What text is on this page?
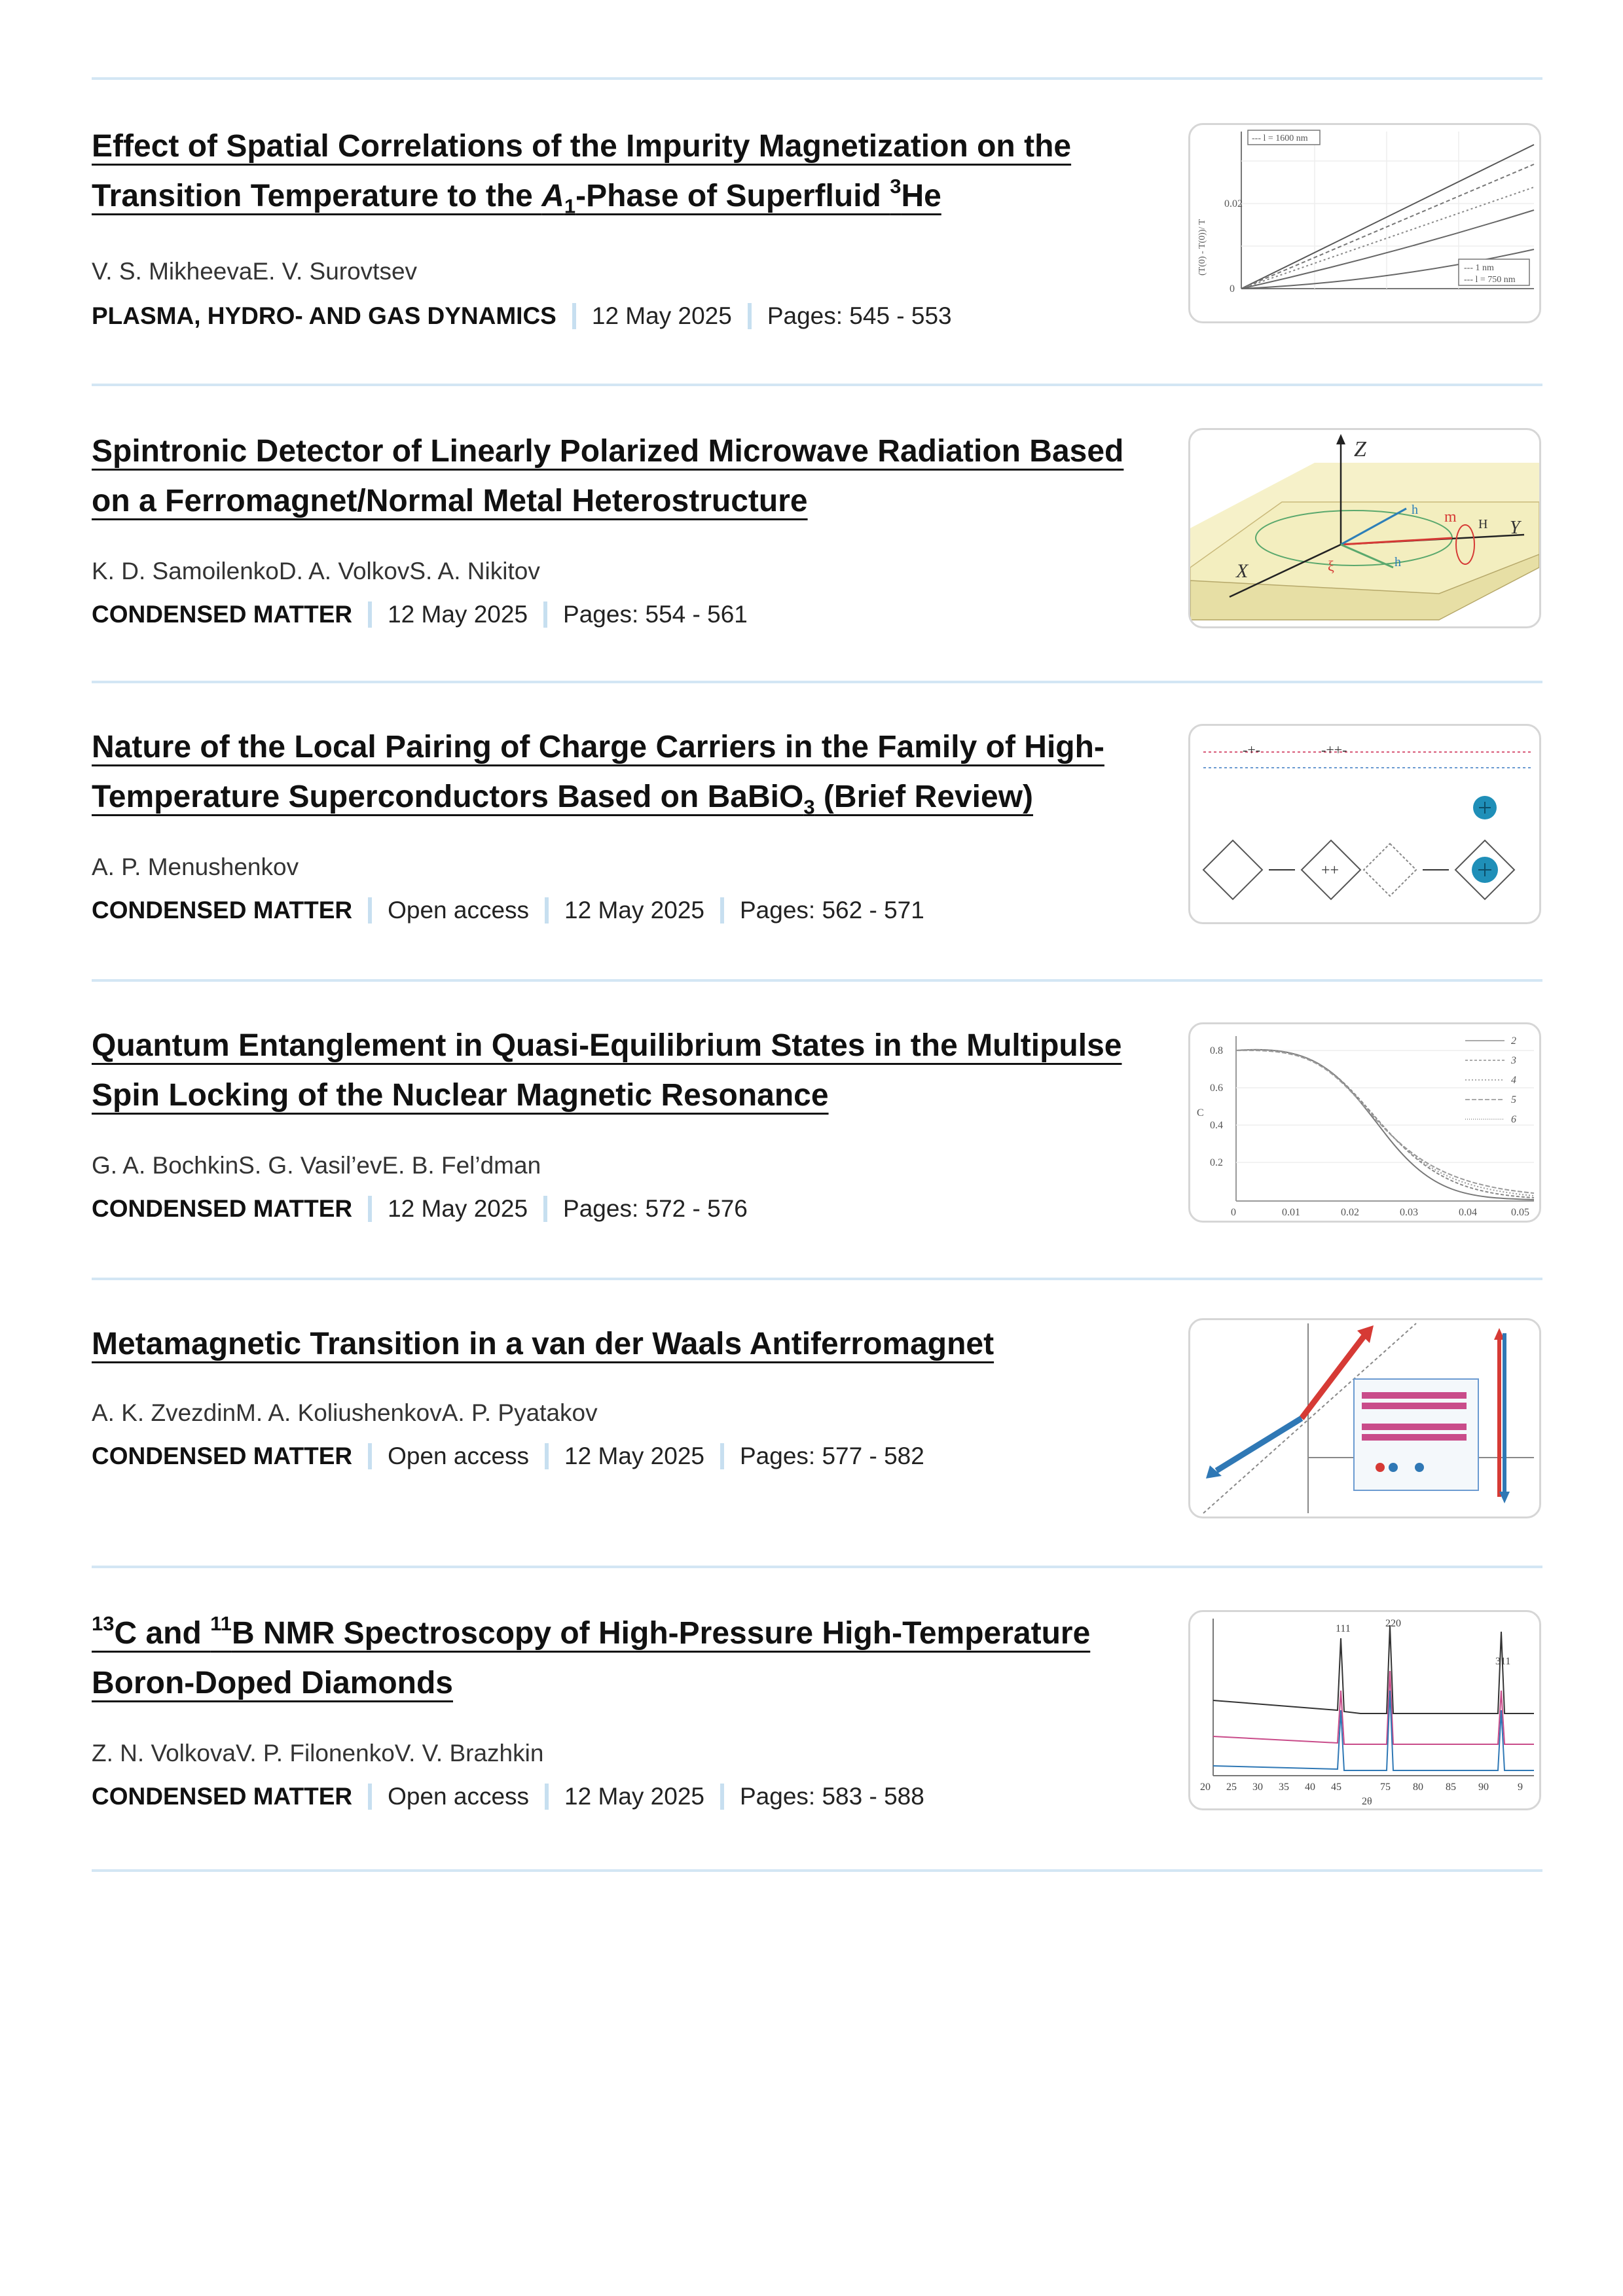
Effect of Spatial Correlations of the Impurity Magnetization on the Transition Temperature to the $A_1$-Phase of Superfluid $^3$He
V. S. MikheevaE. V. Surovtsev
PLASMA, HYDRO- AND GAS DYNAMICS 12 May 2025 Pages: 545 - 553
--- l = 1600 nm
--- 1 nm
--- l = 750 nm
0.02
0
(T(0) - T(0))/ T
Spintronic Detector of Linearly Polarized Microwave Radiation Based on a Ferromagnet/Normal Metal Heterostructure
K. D. SamoilenkoD. A. VolkovS. A. Nikitov
CONDENSED MATTER 12 May 2025 Pages: 554 - 561
Z
Y
X
m H
h
h
ξ
Nature of the Local Pairing of Charge Carriers in the Family of High-Temperature Superconductors Based on BaBiO$_3$ (Brief Review)
A. P. Menushenkov
CONDENSED MATTER Open access 12 May 2025 Pages: 562 - 571
-+-	-++-
++
Quantum Entanglement in Quasi-Equilibrium States in the Multipulse Spin Locking of the Nuclear Magnetic Resonance
G. A. BochkinS. G. Vasil’evE. B. Fel’dman
CONDENSED MATTER 12 May 2025 Pages: 572 - 576
0.8
0.6
0.4
0.2
0	0.01	0.02	0.03	0.04	0.05
C
2
3
4
5
6
Metamagnetic Transition in a van der Waals Antiferromagnet
A. K. ZvezdinM. A. KoliushenkovA. P. Pyatakov
CONDENSED MATTER Open access 12 May 2025 Pages: 577 - 582
$^{13}$C and $^{11}$B NMR Spectroscopy of High-Pressure High-Temperature Boron-Doped Diamonds
Z. N. VolkovaV. P. FilonenkoV. V. Brazhkin
CONDENSED MATTER Open access 12 May 2025 Pages: 583 - 588
111	220
311
20 25 30 35 40 45	75 80 85 90	9
2θ
